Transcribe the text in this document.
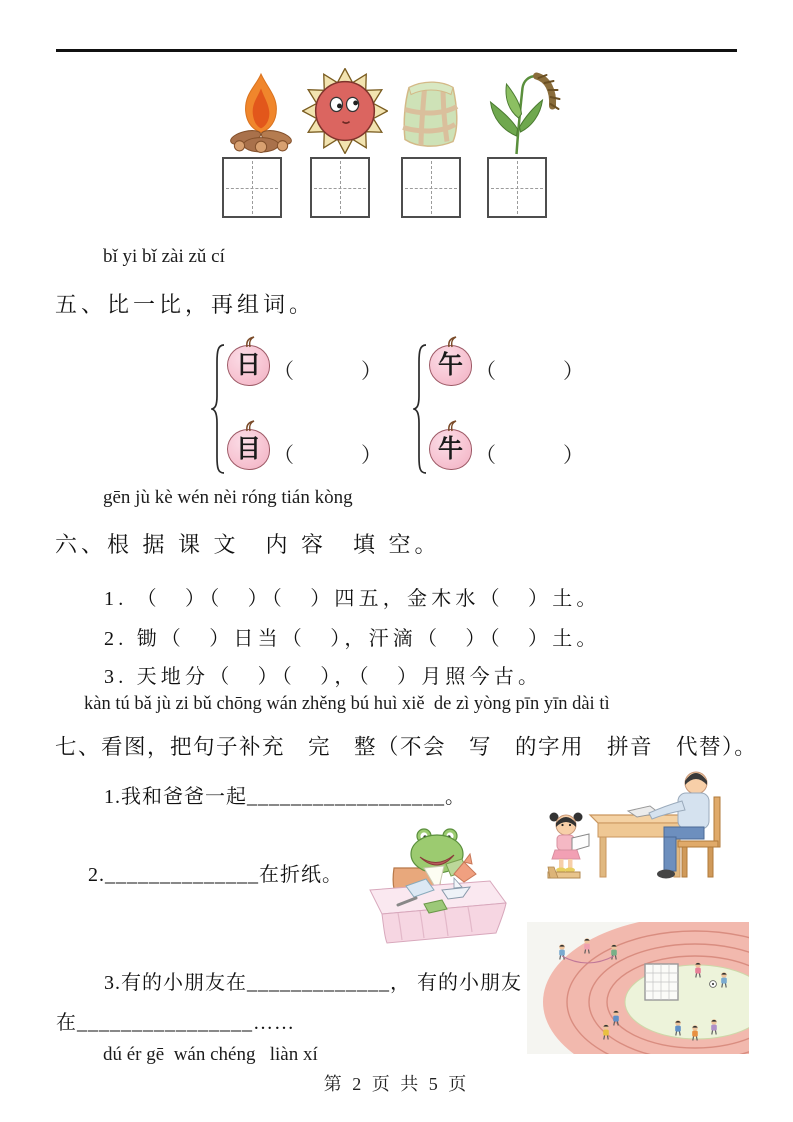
bǐ yi bǐ zài zǔ cí
五、比一比，再组词。
日 （　　　）
目 （　　　）
午 （　　　）
牛 （　　　）
gēn jù kè wén nèi róng tián kòng
六、根 据 课 文　内 容　填 空。
1. （　）（　）（　）四五，金木水（　）土。
2. 锄（　）日当（　），汗滴（　）（　）土。
3. 天地分（　）（　），（　）月照今古。
kàn tú bǎ jù zi bǔ chōng wán zhěng bú huì xiě  de zì yòng pīn yīn dài tì
七、看图，把句子补充　完　整（不会　写　的字用　拼音　代替）。
1.我和爸爸一起__________________。
2.______________在折纸。
3.有的小朋友在_____________， 有的小朋友
在________________……
dú ér gē  wán chéng   liàn xí
第 2 页 共 5 页
